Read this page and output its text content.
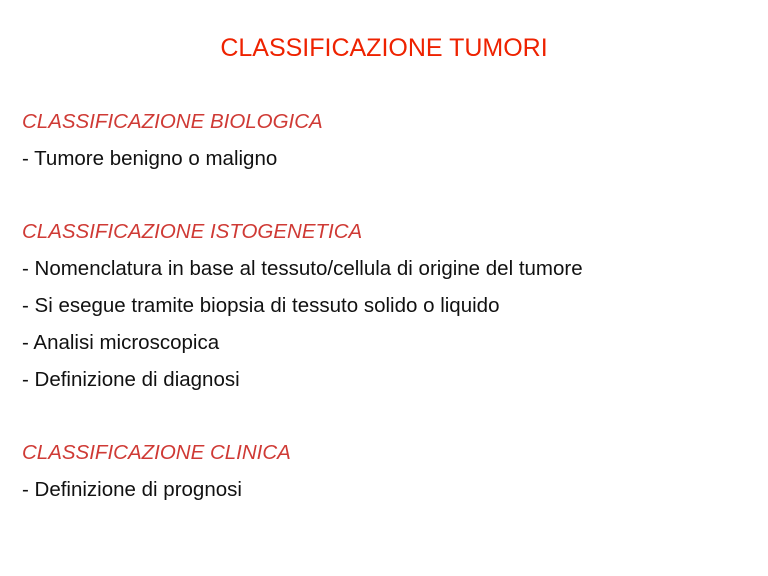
CLASSIFICAZIONE TUMORI
CLASSIFICAZIONE BIOLOGICA
- Tumore benigno o maligno
CLASSIFICAZIONE ISTOGENETICA
- Nomenclatura in base al tessuto/cellula di origine del tumore
- Si esegue tramite biopsia di tessuto solido o liquido
- Analisi microscopica
- Definizione di diagnosi
CLASSIFICAZIONE CLINICA
- Definizione di prognosi
